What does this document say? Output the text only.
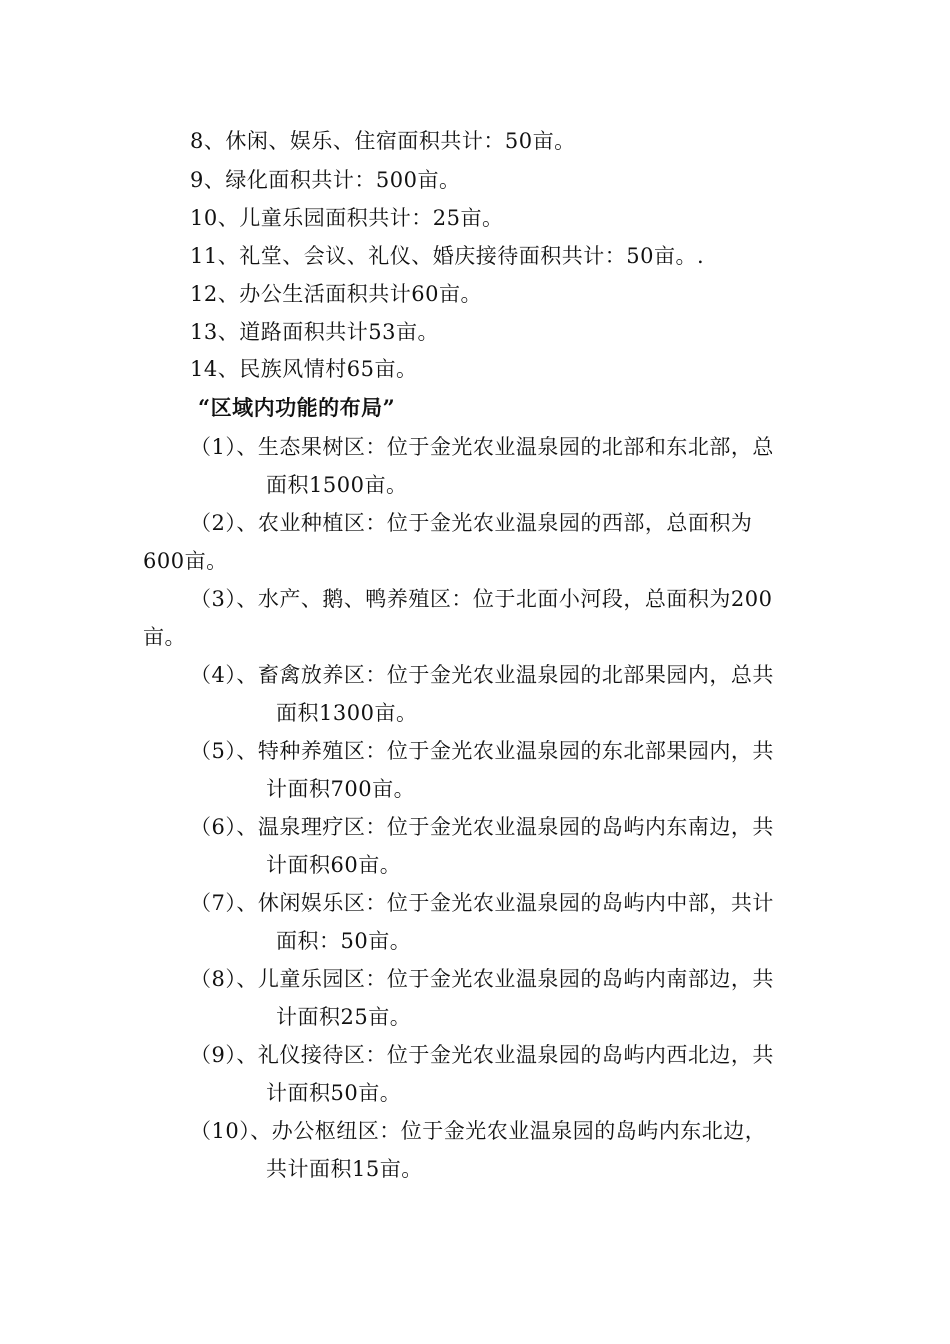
8、休闲、娱乐、住宿面积共计：50亩。
9、绿化面积共计：500亩。
10、儿童乐园面积共计：25亩。
11、礼堂、会议、礼仪、婚庆接待面积共计：50亩。.
12、办公生活面积共计60亩。
13、道路面积共计53亩。
14、民族风情村65亩。
“区域内功能的布局”
（1）、生态果树区：位于金光农业温泉园的北部和东北部，总
面积1500亩。
（2）、农业种植区：位于金光农业温泉园的西部，总面积为
600亩。
（3）、水产、鹅、鸭养殖区：位于北面小河段，总面积为200
亩。
（4）、畜禽放养区：位于金光农业温泉园的北部果园内，总共
面积1300亩。
（5）、特种养殖区：位于金光农业温泉园的东北部果园内，共
计面积700亩。
（6）、温泉理疗区：位于金光农业温泉园的岛屿内东南边，共
计面积60亩。
（7）、休闲娱乐区：位于金光农业温泉园的岛屿内中部，共计
面积：50亩。
（8）、儿童乐园区：位于金光农业温泉园的岛屿内南部边，共
计面积25亩。
（9）、礼仪接待区：位于金光农业温泉园的岛屿内西北边，共
计面积50亩。
（10）、办公枢纽区：位于金光农业温泉园的岛屿内东北边，
共计面积15亩。
